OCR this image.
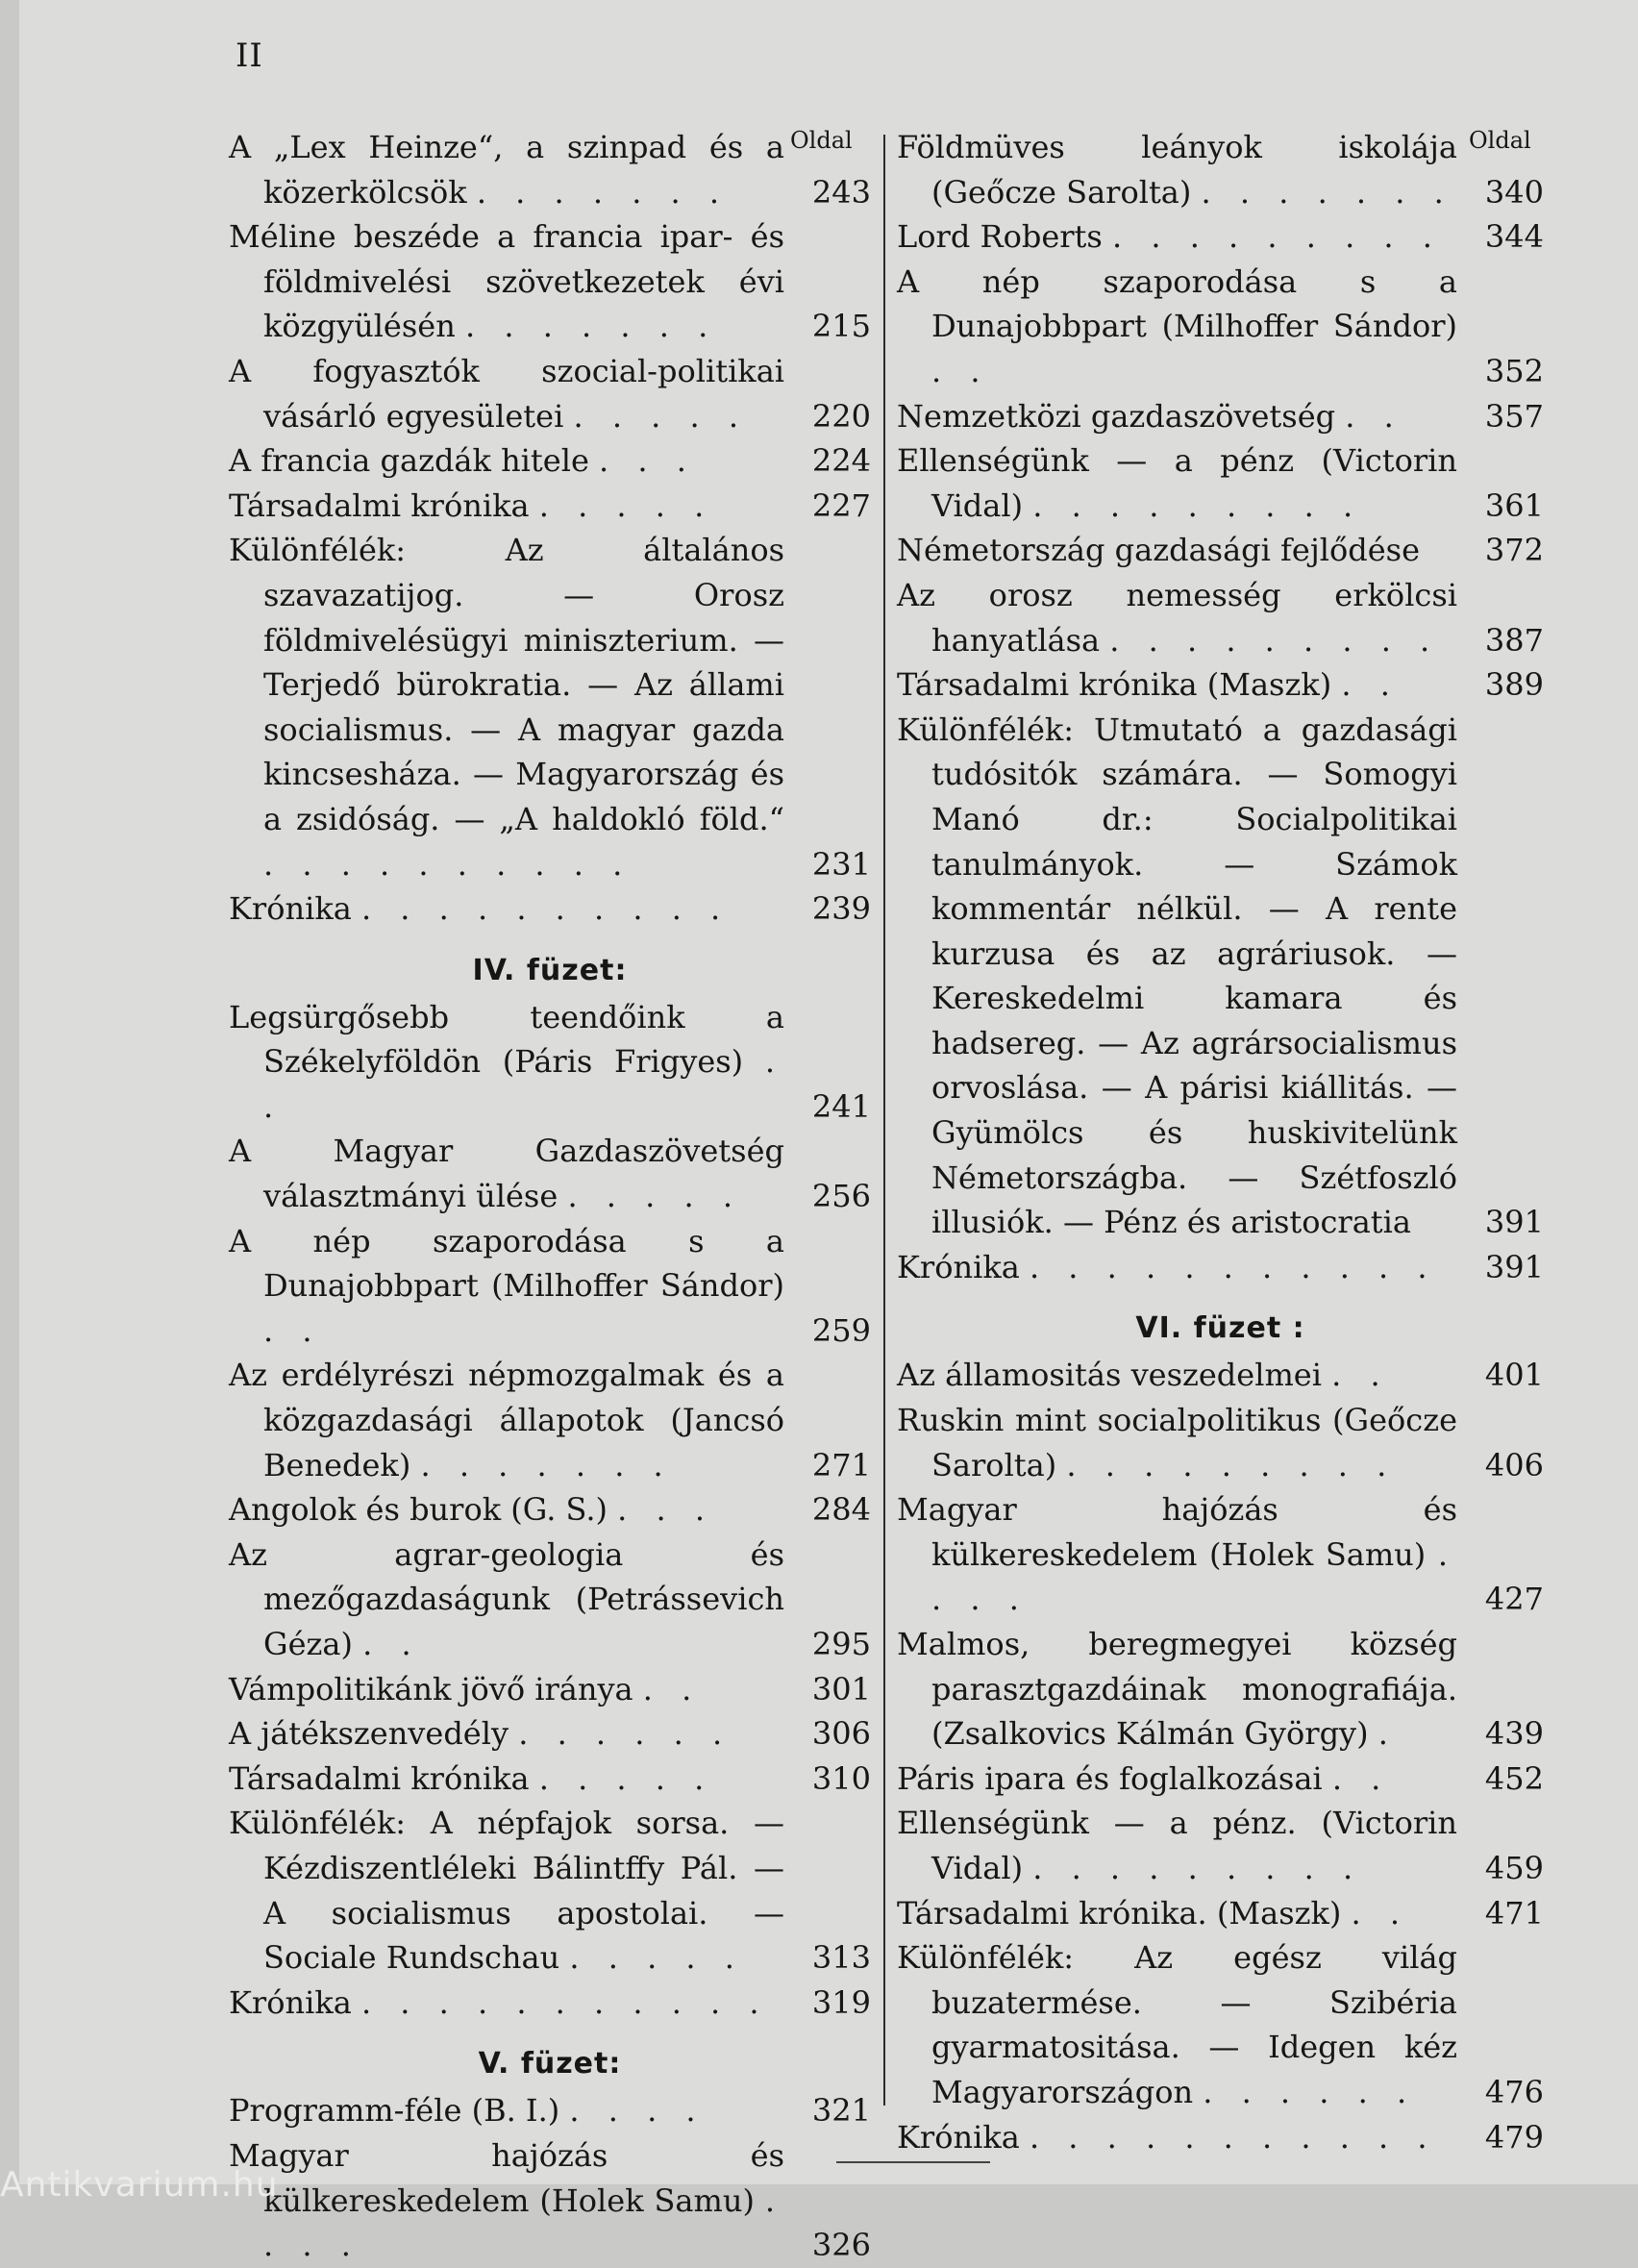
II
Oldal	Oldal
A „Lex Heinze“, a szinpad és a közerkölcsök . . . . . . .	243
Méline beszéde a francia ipar- és földmivelési szövetkezetek évi közgyülésén . . . . . . .	215
A fogyasztók szocial-politikai vásárló egyesületei . . . . .	220
A francia gazdák hitele . . .	224
Társadalmi krónika . . . . .	227
Különfélék: Az általános szavazatijog. — Orosz földmivelésügyi miniszterium. — Terjedő bürokratia. — Az állami socialismus. — A magyar gazda kincsesháza. — Magyarország és a zsidóság. — „A haldokló föld.“ . . . . . . . . . .	231
Krónika . . . . . . . . . .	239
IV. füzet:
Legsürgősebb teendőink a Székelyföldön (Páris Frigyes) . .	241
A Magyar Gazdaszövetség választmányi ülése . . . . .	256
A nép szaporodása s a Dunajobbpart (Milhoffer Sándor) . .	259
Az erdélyrészi népmozgalmak és a közgazdasági állapotok (Jancsó Benedek) . . . . . . .	271
Angolok és burok (G. S.) . . .	284
Az agrar-geologia és mezőgazdaságunk (Petrássevich Géza) . .	295
Vámpolitikánk jövő iránya . .	301
A játékszenvedély . . . . . .	306
Társadalmi krónika . . . . .	310
Különfélék: A népfajok sorsa. — Kézdiszentléleki Bálintffy Pál. — A socialismus apostolai. — Sociale Rundschau . . . . .	313
Krónika . . . . . . . . . . .	319
V. füzet:
Programm-féle (B. I.) . . . .	321
Magyar hajózás és külkereskedelem (Holek Samu) . . . .	326
Földmüves leányok iskolája (Geőcze Sarolta) . . . . . . .	340
Lord Roberts . . . . . . . . .	344
A nép szaporodása s a Dunajobbpart (Milhoffer Sándor) . .	352
Nemzetközi gazdaszövetség . .	357
Ellenségünk — a pénz (Victorin Vidal) . . . . . . . . .	361
Németország gazdasági fejlődése	372
Az orosz nemesség erkölcsi hanyatlása . . . . . . . . .	387
Társadalmi krónika (Maszk) . .	389
Különfélék: Utmutató a gazdasági tudósitók számára. — Somogyi Manó dr.: Socialpolitikai tanulmányok. — Számok kommentár nélkül. — A rente kurzusa és az agráriusok. — Kereskedelmi kamara és hadsereg. — Az agrársocialismus orvoslása. — A párisi kiállitás. — Gyümölcs és huskivitelünk Németországba. — Szétfoszló illusiók. — Pénz és aristocratia	391
Krónika . . . . . . . . . . .	391
VI. füzet :
Az államositás veszedelmei . .	401
Ruskin mint socialpolitikus (Geőcze Sarolta) . . . . . . . . .	406
Magyar hajózás és külkereskedelem (Holek Samu) . . . .	427
Malmos, beregmegyei község parasztgazdáinak monografiája. (Zsalkovics Kálmán György) .	439
Páris ipara és foglalkozásai . .	452
Ellenségünk — a pénz. (Victorin Vidal) . . . . . . . . .	459
Társadalmi krónika. (Maszk) . .	471
Különfélék: Az egész világ buzatermése. — Szibéria gyarmatositása. — Idegen kéz Magyarországon . . . . . .	476
Krónika . . . . . . . . . . .	479
Antikvarium.hu
